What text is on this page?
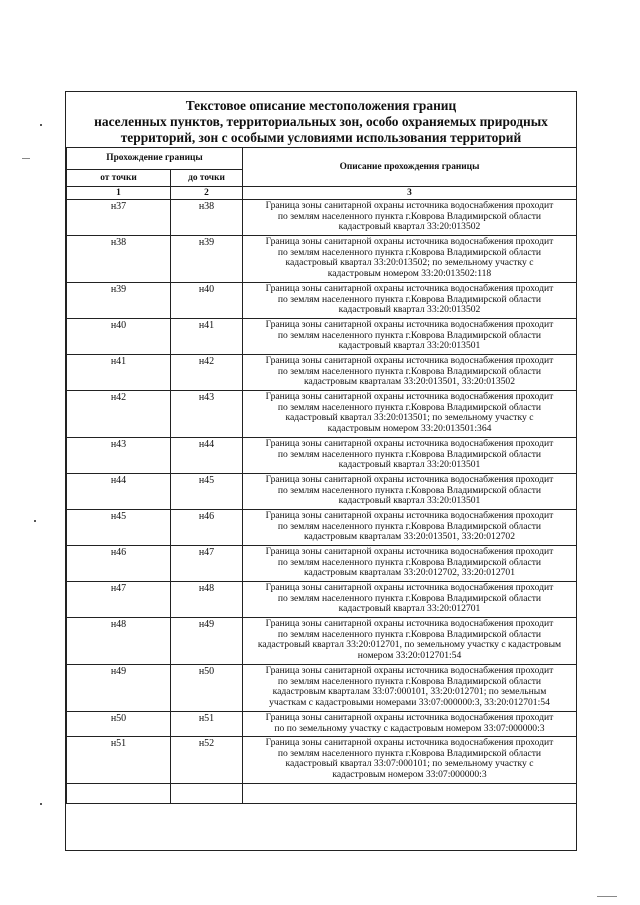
Текстовое описание местоположения границ
населенных пунктов, территориальных зон, особо охраняемых природных
территорий, зон с особыми условиями использования территорий
Прохождение границы		Описание прохождения границы
от точки	до точки	
1	2	3
н37	н38	Граница зоны санитарной охраны источника водоснабжения проходит
по землям населенного пункта г.Коврова Владимирской области
кадастровый квартал 33:20:013502

н38	н39	Граница зоны санитарной охраны источника водоснабжения проходит
по землям населенного пункта г.Коврова Владимирской области
кадастровый квартал 33:20:013502; по земельному участку с
кадастровым номером 33:20:013502:118

н39	н40	Граница зоны санитарной охраны источника водоснабжения проходит
по землям населенного пункта г.Коврова Владимирской области
кадастровый квартал 33:20:013502

н40	н41	Граница зоны санитарной охраны источника водоснабжения проходит
по землям населенного пункта г.Коврова Владимирской области
кадастровый квартал 33:20:013501

н41	н42	Граница зоны санитарной охраны источника водоснабжения проходит
по землям населенного пункта г.Коврова Владимирской области
кадастровым кварталам 33:20:013501, 33:20:013502

н42	н43	Граница зоны санитарной охраны источника водоснабжения проходит
по землям населенного пункта г.Коврова Владимирской области
кадастровый квартал 33:20:013501; по земельному участку с
кадастровым номером 33:20:013501:364

н43	н44	Граница зоны санитарной охраны источника водоснабжения проходит
по землям населенного пункта г.Коврова Владимирской области
кадастровый квартал 33:20:013501

н44	н45	Граница зоны санитарной охраны источника водоснабжения проходит
по землям населенного пункта г.Коврова Владимирской области
кадастровый квартал 33:20:013501

н45	н46	Граница зоны санитарной охраны источника водоснабжения проходит
по землям населенного пункта г.Коврова Владимирской области
кадастровым кварталам 33:20:013501, 33:20:012702

н46	н47	Граница зоны санитарной охраны источника водоснабжения проходит
по землям населенного пункта г.Коврова Владимирской области
кадастровым кварталам 33:20:012702, 33:20:012701

н47	н48	Граница зоны санитарной охраны источника водоснабжения проходит
по землям населенного пункта г.Коврова Владимирской области
кадастровый квартал 33:20:012701

н48	н49	Граница зоны санитарной охраны источника водоснабжения проходит
по землям населенного пункта г.Коврова Владимирской области
кадастровый квартал 33:20:012701, по земельному участку с кадастровым
номером 33:20:012701:54

н49	н50	Граница зоны санитарной охраны источника водоснабжения проходит
по землям населенного пункта г.Коврова Владимирской области
кадастровым кварталам 33:07:000101, 33:20:012701; по земельным
участкам с кадастровыми номерами 33:07:000000:3, 33:20:012701:54

н50	н51	Граница зоны санитарной охраны источника водоснабжения проходит
по по земельному участку с кадастровым номером 33:07:000000:3

н51	н52	Граница зоны санитарной охраны источника водоснабжения проходит
по землям населенного пункта г.Коврова Владимирской области
кадастровый квартал 33:07:000101; по земельному участку с
кадастровым номером 33:07:000000:3
